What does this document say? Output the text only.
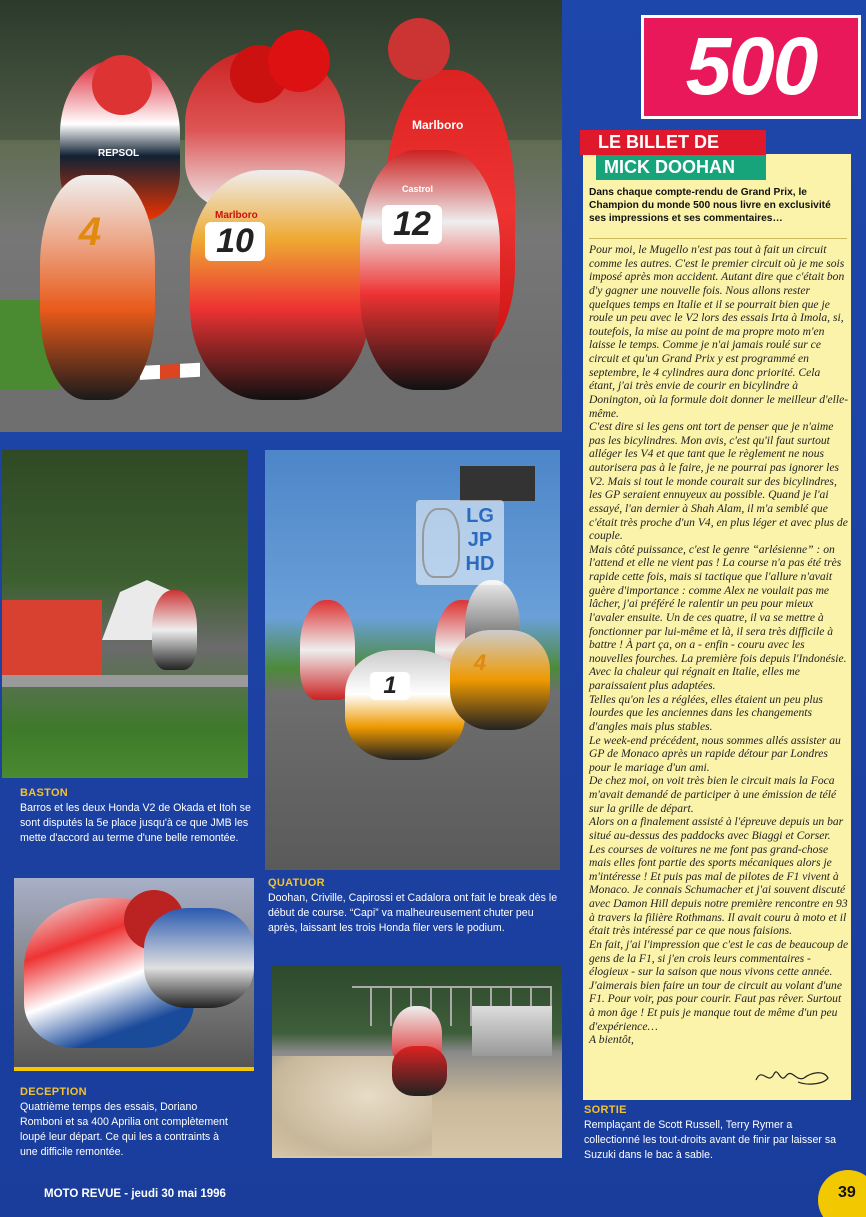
4	10
Marlboro	12
Marlboro
REPSOL
Castrol
1
4
LG
JP
HD
500
LE BILLET DE
MICK DOOHAN
Dans chaque compte-rendu de Grand Prix, le Champion du monde 500 nous livre en exclusivité ses impressions et ses commentaires…

Pour moi, le Mugello n'est pas tout à fait un circuit comme les autres. C'est le premier circuit où je me sois imposé après mon accident. Autant dire que c'était bon d'y gagner une nouvelle fois. Nous allons rester quelques temps en Italie et il se pourrait bien que je roule un peu avec le V2 lors des essais Irta à Imola, si, toutefois, la mise au point de ma propre moto m'en laisse le temps. Comme je n'ai jamais roulé sur ce circuit et qu'un Grand Prix y est programmé en septembre, le 4 cylindres aura donc priorité. Cela étant, j'ai très envie de courir en bicylindre à Donington, où la formule doit donner le meilleur d'elle-même.

C'est dire si les gens ont tort de penser que je n'aime pas les bicylindres. Mon avis, c'est qu'il faut surtout alléger les V4 et que tant que le règlement ne nous autorisera pas à le faire, je ne pourrai pas ignorer les V2. Mais si tout le monde courait sur des bicylindres, les GP seraient ennuyeux au possible. Quand je l'ai essayé, l'an dernier à Shah Alam, il m'a semblé que c'était très proche d'un V4, en plus léger et avec plus de couple.

Mais côté puissance, c'est le genre “arlésienne” : on l'attend et elle ne vient pas ! La course n'a pas été très rapide cette fois, mais si tactique que l'allure n'avait guère d'importance : comme Alex ne voulait pas me lâcher, j'ai préféré le ralentir un peu pour mieux l'avaler ensuite. Un de ces quatre, il va se mettre à fonctionner par lui-même et là, il sera très difficile à battre ! À part ça, on a - enfin - couru avec les nouvelles fourches. La première fois depuis l'Indonésie. Avec la chaleur qui régnait en Italie, elles me paraissaient plus adaptées.

Telles qu'on les a réglées, elles étaient un peu plus lourdes que les anciennes dans les changements d'angles mais plus stables.

Le week-end précédent, nous sommes allés assister au GP de Monaco après un rapide détour par Londres pour le mariage d'un ami.

De chez moi, on voit très bien le circuit mais la Foca m'avait demandé de participer à une émission de télé sur la grille de départ.

Alors on a finalement assisté à l'épreuve depuis un bar situé au-dessus des paddocks avec Biaggi et Corser. Les courses de voitures ne me font pas grand-chose mais elles font partie des sports mécaniques alors je m'intéresse ! Et puis pas mal de pilotes de F1 vivent à Monaco. Je connais Schumacher et j'ai souvent discuté avec Damon Hill depuis notre première rencontre en 93 à travers la filière Rothmans. Il avait couru à moto et il était très intéressé par ce que nous faisions.

En fait, j'ai l'impression que c'est le cas de beaucoup de gens de la F1, si j'en crois leurs commentaires - élogieux - sur la saison que nous vivons cette année. J'aimerais bien faire un tour de circuit au volant d'une F1. Pour voir, pas pour courir. Faut pas rêver. Surtout à mon âge ! Et puis je manque tout de même d'un peu d'expérience…

A bientôt,

BASTON
Barros et les deux Honda V2 de Okada et Itoh se sont disputés la 5e place jusqu'à ce que JMB les mette d'accord au terme d'une belle remontée.
QUATUOR
Doohan, Criville, Capirossi et Cadalora ont fait le break dès le début de course. “Capi” va malheureusement chuter peu après, laissant les trois Honda filer vers le podium.
DECEPTION
Quatrième temps des essais, Doriano Romboni et sa 400 Aprilia ont complètement loupé leur départ. Ce qui les a contraints à une difficile remontée.
SORTIE
Remplaçant de Scott Russell, Terry Rymer a collectionné les tout-droits avant de finir par laisser sa Suzuki dans le bac à sable.
MOTO REVUE - jeudi 30 mai 1996	39
